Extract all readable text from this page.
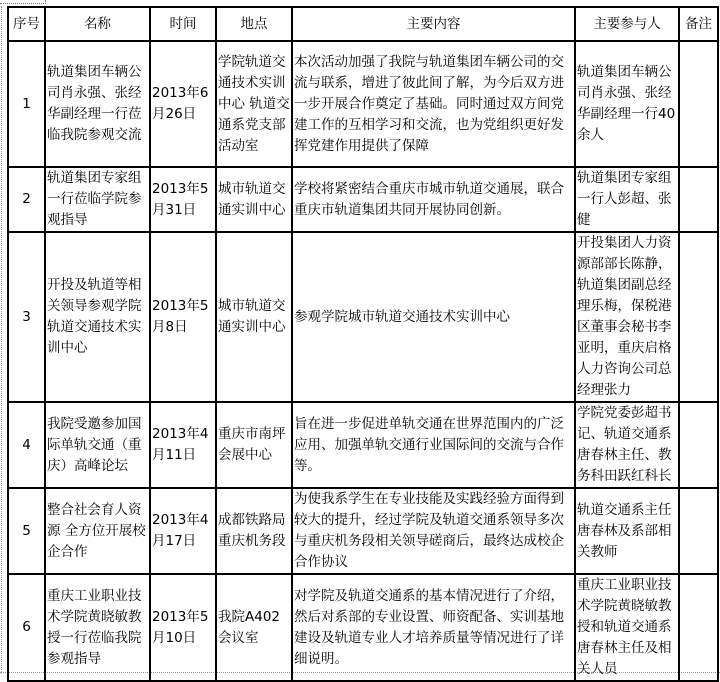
序号	名称	时间	地点	主要内容	主要参与人	备注
1	轨道集团车辆公司肖永强、张经华副经理一行莅临我院参观交流	2013年6月26日	学院轨道交通技术实训中心 轨道交通系党支部活动室	本次活动加强了我院与轨道集团车辆公司的交流与联系，增进了彼此间了解，为今后双方进一步开展合作奠定了基础。同时通过双方间党建工作的互相学习和交流，也为党组织更好发挥党建作用提供了保障	轨道集团车辆公司肖永强、张经华副经理一行40余人	
2	轨道集团专家组一行莅临学院参观指导	2013年5月31日	城市轨道交通实训中心	学校将紧密结合重庆市城市轨道交通展，联合重庆市轨道集团共同开展协同创新。	轨道集团专家组一行人彭超、张健	
3	开投及轨道等相关领导参观学院轨道交通技术实训中心	2013年5月8日	城市轨道交通实训中心	参观学院城市轨道交通技术实训中心	开投集团人力资源部部长陈静，轨道集团副总经理乐梅，保税港区董事会秘书李亚明，重庆启格人力咨询公司总经理张力	
4	我院受邀参加国际单轨交通（重庆）高峰论坛	2013年4月11日	重庆市南坪会展中心	旨在进一步促进单轨交通在世界范围内的广泛应用、加强单轨交通行业国际间的交流与合作等。	学院党委彭超书记、轨道交通系唐春林主任、教务科田跃红科长	
5	整合社会育人资源 全方位开展校企合作	2013年4月17日	成都铁路局重庆机务段	为使我系学生在专业技能及实践经验方面得到较大的提升，经过学院及轨道交通系领导多次与重庆机务段相关领导磋商后，最终达成校企合作协议	轨道交通系主任唐春林及系部相关教师	
6	重庆工业职业技术学院黄晓敏教授一行莅临我院参观指导	2013年5月10日	我院A402会议室	对学院及轨道交通系的基本情况进行了介绍，然后对系部的专业设置、师资配备、实训基地建设及轨道专业人才培养质量等情况进行了详细说明。	重庆工业职业技术学院黄晓敏教授和轨道交通系唐春林主任及相关人员	
